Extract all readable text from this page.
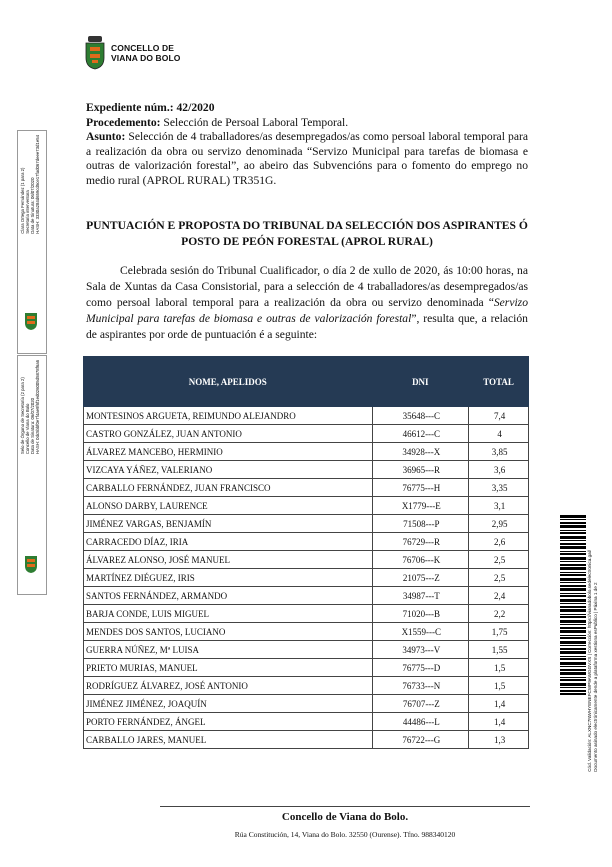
CONCELLO DE
VIANA DO BOLO
Clara Ortega Fernández (1 para 2) Secretaria interventora Data de Sinatura: 06/07/2020 HASH: 3330a284d659cd5ce17fad067deee73d1e54
Selo de Órgano de Secretaría (2 para 2) Concello de Viana do Bolo Data de Sinatura: 06/07/2020 HASH: 0dc5bbf0e7f4ae9f6f1ed026005d5878f6a6
Expediente núm.: 42/2020
Procedemento: Selección de Persoal Laboral Temporal.
Asunto: Selección de 4 traballadores/as desempregados/as como persoal laboral temporal para a realización da obra ou servizo denominada “Servizo Municipal para tarefas de biomasa e outras de valorización forestal”, ao abeiro das Subvencións para o fomento do emprego no medio rural (APROL RURAL) TR351G.
PUNTUACIÓN E PROPOSTA DO TRIBUNAL DA SELECCIÓN DOS ASPIRANTES Ó POSTO DE PEÓN FORESTAL (APROL RURAL)
Celebrada sesión do Tribunal Cualificador, o día 2 de xullo de 2020, ás 10:00 horas, na Sala de Xuntas da Casa Consistorial, para a selección de 4 traballadores/as desempregados/as como persoal laboral temporal para a realización da obra ou servizo denominada “Servizo Municipal para tarefas de biomasa e outras de valorización forestal”, resulta que, a relación de aspirantes por orde de puntuación é a seguinte:
NOME, APELIDOS	DNI	TOTAL
MONTESINOS ARGUETA, REIMUNDO ALEJANDRO	35648---C	7,4
CASTRO GONZÁLEZ, JUAN ANTONIO	46612---C	4
ÁLVAREZ MANCEBO, HERMINIO	34928---X	3,85
VIZCAYA YÁÑEZ, VALERIANO	36965---R	3,6
CARBALLO FERNÁNDEZ, JUAN FRANCISCO	76775---H	3,35
ALONSO DARBY, LAURENCE	X1779---E	3,1
JIMÉNEZ VARGAS, BENJAMÍN	71508---P	2,95
CARRACEDO DÍAZ, IRIA	76729---R	2,6
ÁLVAREZ ALONSO, JOSÉ MANUEL	76706---K	2,5
MARTÍNEZ DIÉGUEZ, IRIS	21075---Z	2,5
SANTOS FERNÁNDEZ, ARMANDO	34987---T	2,4
BARJA CONDE, LUIS MIGUEL	71020---B	2,2
MENDES DOS SANTOS, LUCIANO	X1559---C	1,75
GUERRA NÚÑEZ, Mª LUISA	34973---V	1,55
PRIETO MURIAS, MANUEL	76775---D	1,5
RODRÍGUEZ ÁLVAREZ, JOSÉ ANTONIO	76733---N	1,5
JIMÉNEZ JIMÉNEZ, JOAQUÍN	76707---Z	1,4
PORTO FERNÁNDEZ, ÁNGEL	44486---L	1,4
CARBALLO JARES, MANUEL	76722---G	1,3	Cód. Validación: ALXNC7NWHYENEFCWP9AWGGVXS | Corrección: https://vianadobolo.sedelectronica.gal/ Documento asinado electrónicamente dende a plataforma xestiona esPublico | Páxina 1 de 2
Concello de Viana do Bolo.
Rúa Constitución, 14, Viana do Bolo. 32550 (Ourense). Tfno. 988340120
